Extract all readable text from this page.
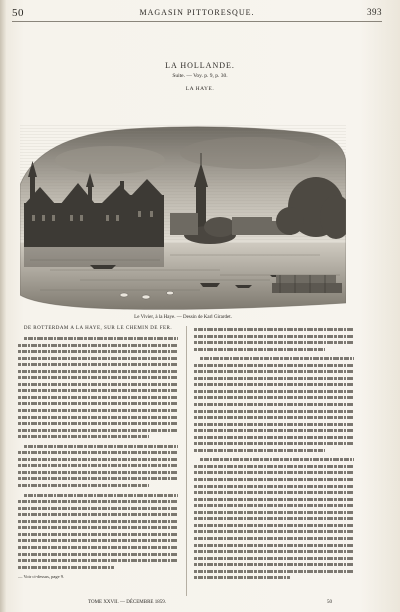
50	MAGASIN PITTORESQUE.	393
LA HOLLANDE.
Suite. — Voy. p. 9, p. 30.
LA HAYE.
Le Vivier, à la Haye. — Dessin de Karl Girardet.
DE ROTTERDAM A LA HAYE, SUR LE CHEMIN DE FER.
— Voir ci-dessus, page 9.
TOME XXVII. — DÉCEMBRE 1859.	50
